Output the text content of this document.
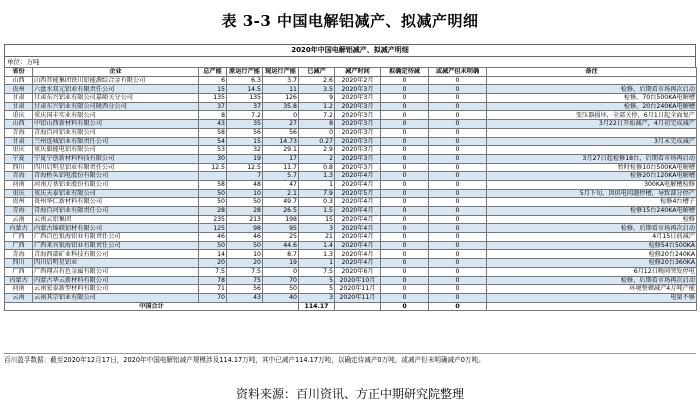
表 3-3 中国电解铝减产、拟减产明细
2020年中国电解铝减产、拟减产明细
单位：万吨
省份	企业	总产能	原运行产能	现运行产能	已减产	减产时间	拟确定待减	或减产但未明确	备注
山西	山西晋能集团铁川铝能源综合金有限公司	6	6.3	3.7	2.6	2020年2月	0	0	
贵州	六盘水双元铝业有限责任公司	15	14.5	11	3.5	2020年3月	0	0	检修，后期看市场再次启动
甘肃	甘肃东兴铝业有限公司嘉峪关分公司	135	135	126	9	2020年3月	0	0	检修，70台500KA电解槽
甘肃	甘肃东兴铝业有限公司陇西分公司	37	37	35.8	1.2	2020年3月	0	0	检修，20台240KA电解槽
重庆	重庆国丰实业有限公司	8	7.2	0	7.2	2020年3月	0	0	变压器损坏，全部关停，6月1日起全面复产
山西	中铝山西新材料有限公司	43	35	27	8	2020年3月	0	0	3月22日开始减产，4月初完成减产
青海	青海百河铝业有限公司	58	56	56	0	2020年3月	0	0	
甘肃	兰州连城铝业有限责任公司	54	15	14.73	0.27	2020年3月	0	0	3月末完成减产
重庆	重庆旗能电铝有限公司	53	32	29.1	2.9	2020年3月	0	0	
宁夏	宁夏宁创新材料科技有限公司	30	19	17	2	2020年3月	0	0	3月27日起检修18台，后期看市场再启动
四川	四川启明星铝业有限责任公司	12.5	12.5	11.7	0.8	2020年3月	0	0	暂时检修10台500KA电解槽
青海	青海桥头铝电股份有限公司		7	5.7	1.3	2020年4月	0	0	检修20台120KA电解槽
河南	河南万基铝业股份有限公司	58	48	47	1	2020年4月	0	0	300KA电解槽检修
重庆	重庆天泰铝业有限公司	50	10	2.1	7.9	2020年5月	0	0	5月下旬，因供电问题停槽，导致部分停产
贵州	贵州华仁新材料有限公司	50	50	49.7	0.3	2020年4月	0	0	检修4台槽子
青海	青海百河铝业有限责任公司	28	28	26.5	1.5	2020年4月	0	0	检修15台240KA电解槽
云南	云南云铝集团	235	213	198	15	2020年4月	0	0	检修
内蒙古	内蒙古锦联铝材有限公司	125	98	95	3	2020年4月	0	0	检修，后期看市场再次启动
广西	广西百色银海铝业有限责任公司	46	46	25	21	2020年4月	0	0	4月15日前减产
广西	广西来宾银海铝业有限责任公司	50	50	44.6	1.4	2020年4月	0	0	检修54台500KA
青海	青海西部矿业科技有限公司	14	10	8.7	1.3	2020年4月	0	0	检修20台240KA
四川	四川启明星铝业	20	20	19	1	2020年4月	0	0	检修20台360KA
广西	广西翔吉有色金属有限公司	7.5	7.5	0	7.5	2020年6月	0	0	6月12日晚间突发停电
内蒙古	内蒙古华云新材料有限公司	78	75	70	5	2020年10月	0	0	检修，后期看市场再次启动
河南	云南宏泰新型材料有限公司	71	56	50	5	2020年11月	0	0	环境整顿减产4万吨产能
云南	云南其宗铝业有限公司	70	43	40	3	2020年11月	0	0	电量不够
中国合计					114.17		0	0	
百川盈孚数据：截至2020年12月17日，2020年中国电解铝减产规模涉及114.17万吨，其中已减产114.17万吨，以确定待减产0万吨，或减产但未明确减产0万吨。
资料来源：百川资讯、方正中期研究院整理
